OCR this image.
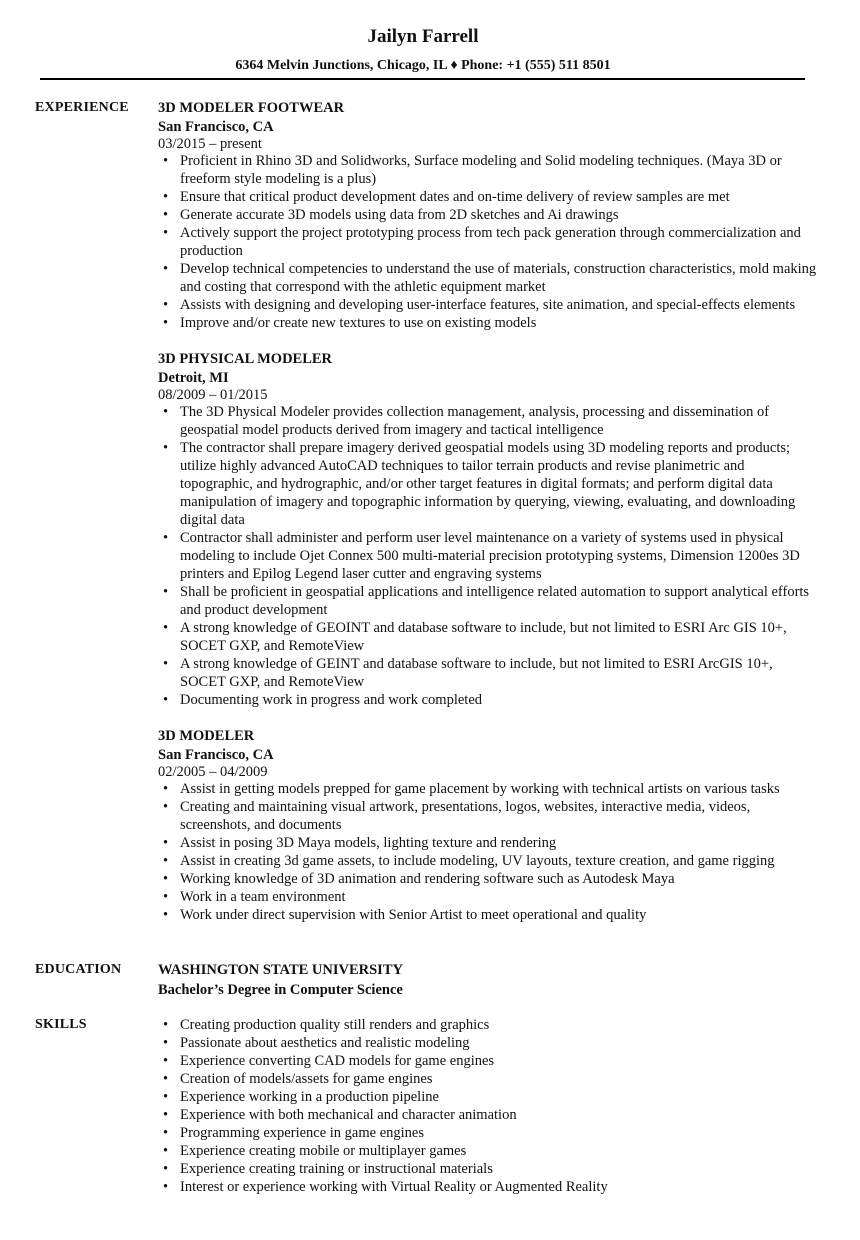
Jailyn Farrell
6364 Melvin Junctions, Chicago, IL ♦ Phone: +1 (555) 511 8501
EXPERIENCE 3D MODELER FOOTWEAR
San Francisco, CA
03/2015 – present
• Proficient in Rhino 3D and Solidworks, Surface modeling and Solid modeling techniques. (Maya 3D or freeform style modeling is a plus)
• Ensure that critical product development dates and on-time delivery of review samples are met
• Generate accurate 3D models using data from 2D sketches and Ai drawings
• Actively support the project prototyping process from tech pack generation through commercialization and production
• Develop technical competencies to understand the use of materials, construction characteristics, mold making and costing that correspond with the athletic equipment market
• Assists with designing and developing user-interface features, site animation, and special-effects elements
• Improve and/or create new textures to use on existing models
3D PHYSICAL MODELER
Detroit, MI
08/2009 – 01/2015
• The 3D Physical Modeler provides collection management, analysis, processing and dissemination of geospatial model products derived from imagery and tactical intelligence
• The contractor shall prepare imagery derived geospatial models using 3D modeling reports and products; utilize highly advanced AutoCAD techniques to tailor terrain products and revise planimetric and topographic, and hydrographic, and/or other target features in digital formats; and perform digital data manipulation of imagery and topographic information by querying, viewing, evaluating, and downloading digital data
• Contractor shall administer and perform user level maintenance on a variety of systems used in physical modeling to include Ojet Connex 500 multi-material precision prototyping systems, Dimension 1200es 3D printers and Epilog Legend laser cutter and engraving systems
• Shall be proficient in geospatial applications and intelligence related automation to support analytical efforts and product development
• A strong knowledge of GEOINT and database software to include, but not limited to ESRI Arc GIS 10+, SOCET GXP, and RemoteView
• A strong knowledge of GEINT and database software to include, but not limited to ESRI ArcGIS 10+, SOCET GXP, and RemoteView
• Documenting work in progress and work completed
3D MODELER
San Francisco, CA
02/2005 – 04/2009
• Assist in getting models prepped for game placement by working with technical artists on various tasks
• Creating and maintaining visual artwork, presentations, logos, websites, interactive media, videos, screenshots, and documents
• Assist in posing 3D Maya models, lighting texture and rendering
• Assist in creating 3d game assets, to include modeling, UV layouts, texture creation, and game rigging
• Working knowledge of 3D animation and rendering software such as Autodesk Maya
• Work in a team environment
• Work under direct supervision with Senior Artist to meet operational and quality
EDUCATION	WASHINGTON STATE UNIVERSITY
Bachelor’s Degree in Computer Science
SKILLS
•	Creating production quality still renders and graphics
• Passionate about aesthetics and realistic modeling
• Experience converting CAD models for game engines
• Creation of models/assets for game engines
• Experience working in a production pipeline
• Experience with both mechanical and character animation
• Programming experience in game engines
• Experience creating mobile or multiplayer games
• Experience creating training or instructional materials
• Interest or experience working with Virtual Reality or Augmented Reality
